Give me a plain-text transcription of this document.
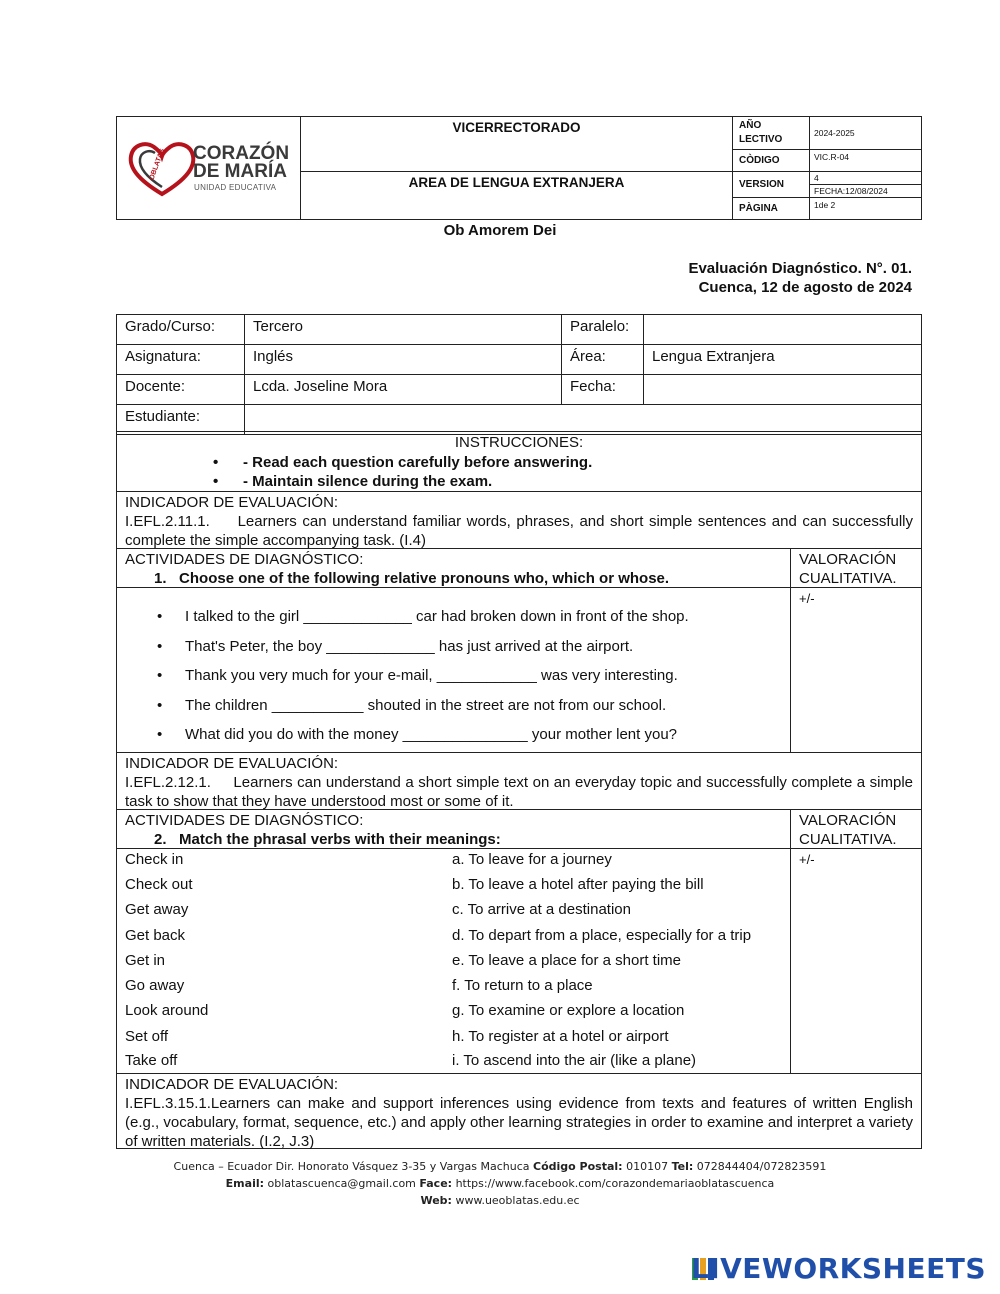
OBLATAS CORAZÓN
DE MARÍA
UNIDAD EDUCATIVA	VICERRECTORADO	AÑO LECTIVO	2024-2025
		CÒDIGO	VIC.R-04
	AREA DE LENGUA EXTRANJERA	VERSION	4
FECHA:12/08/2024

		PÀGINA	1de 2
Ob Amorem Dei
Evaluación Diagnóstico. N°. 01.
Cuenca, 12 de agosto de 2024
Grado/Curso:	Tercero	Paralelo:	
Asignatura:	Inglés	Área:	Lengua Extranjera
Docente:	Lcda. Joseline Mora	Fecha:	
Estudiante:			
INSTRUCCIONES:
• - Read each question carefully before answering.
• - Maintain silence during the exam.
INDICADOR DE EVALUACIÓN:
I.EFL.2.11.1. Learners can understand familiar words, phrases, and short simple sentences and can successfully complete the simple accompanying task. (I.4)
ACTIVIDADES DE DIAGNÓSTICO:
1. Choose one of the following relative pronouns who, which or whose.
VALORACIÓN CUALITATIVA.
+/-
• I talked to the girl _____________ car had broken down in front of the shop.
• That's Peter, the boy _____________ has just arrived at the airport.
• Thank you very much for your e-mail, ____________ was very interesting.
• The children ___________ shouted in the street are not from our school.
• What did you do with the money _______________ your mother lent you?
INDICADOR DE EVALUACIÓN:
I.EFL.2.12.1. Learners can understand a short simple text on an everyday topic and successfully complete a simple task to show that they have understood most or some of it.
ACTIVIDADES DE DIAGNÓSTICO:
2. Match the phrasal verbs with their meanings:
VALORACIÓN CUALITATIVA.
+/-
Check in	a. To leave for a journey
Check out	b. To leave a hotel after paying the bill
Get away	c. To arrive at a destination
Get back	d. To depart from a place, especially for a trip
Get in	e. To leave a place for a short time
Go away	f. To return to a place
Look around	g. To examine or explore a location
Set off	h. To register at a hotel or airport
Take off	i. To ascend into the air (like a plane)
INDICADOR DE EVALUACIÓN:
I.EFL.3.15.1.Learners can make and support inferences using evidence from texts and features of written English (e.g., vocabulary, format, sequence, etc.) and apply other learning strategies in order to examine and interpret a variety of written materials. (I.2, J.3)
Cuenca – Ecuador Dir. Honorato Vásquez 3-35 y Vargas Machuca Código Postal: 010107 Tel: 072844404/072823591
Email: oblatascuenca@gmail.com Face: https://www.facebook.com/corazondemariaoblatascuenca
Web: www.ueoblatas.edu.ec
LIVEWORKSHEETS
